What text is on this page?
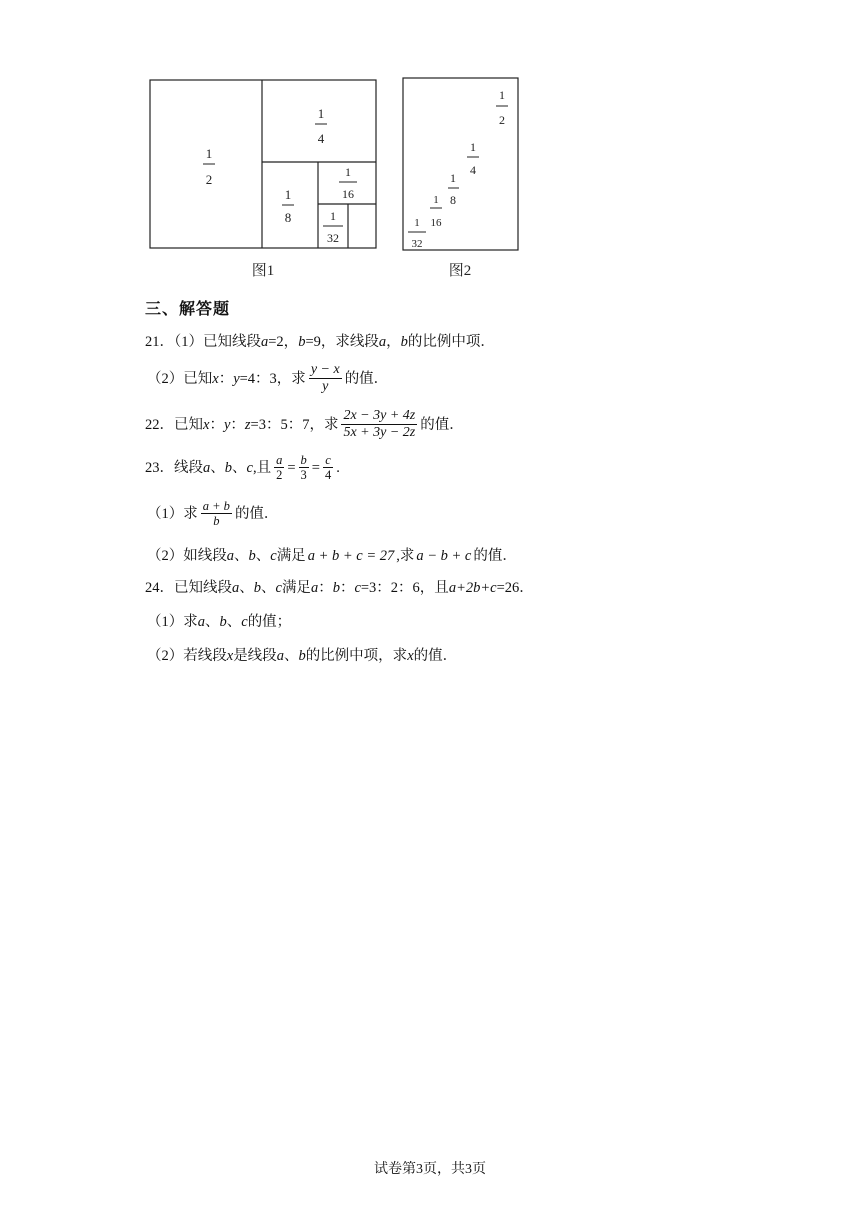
1
2
1
4
1
8
1
16
1
32
图1
1
2
1
4
1
8
1
16
1
32
图2
三、解答题
21．（1）已知线段 a =2， b =9，求线段 a ， b 的比例中项．
（2）已知 x ： y =4：3，求 $\frac{y - x}{y}$ 的值．
22．已知 x ： y ： z =3：5：7，求 $\frac{2x - 3y + 4z}{5x + 3y - 2z}$ 的值．
23．线段 a 、 b 、 c ,且 $\frac{a}{2} = \frac{b}{3} = \frac{c}{4}$ .
（1）求 $\frac{a + b}{b}$ 的值．
（2）如线段 a 、 b 、 c 满足 a + b + c = 27 ,求 a − b + c 的值．
24．已知线段 a 、 b 、 c 满足 a ： b ： c =3：2：6，且 a+2b+c =26．
（1）求 a 、 b 、 c 的值；
（2）若线段 x 是线段 a 、 b 的比例中项，求 x 的值．
试卷第3页，共3页
